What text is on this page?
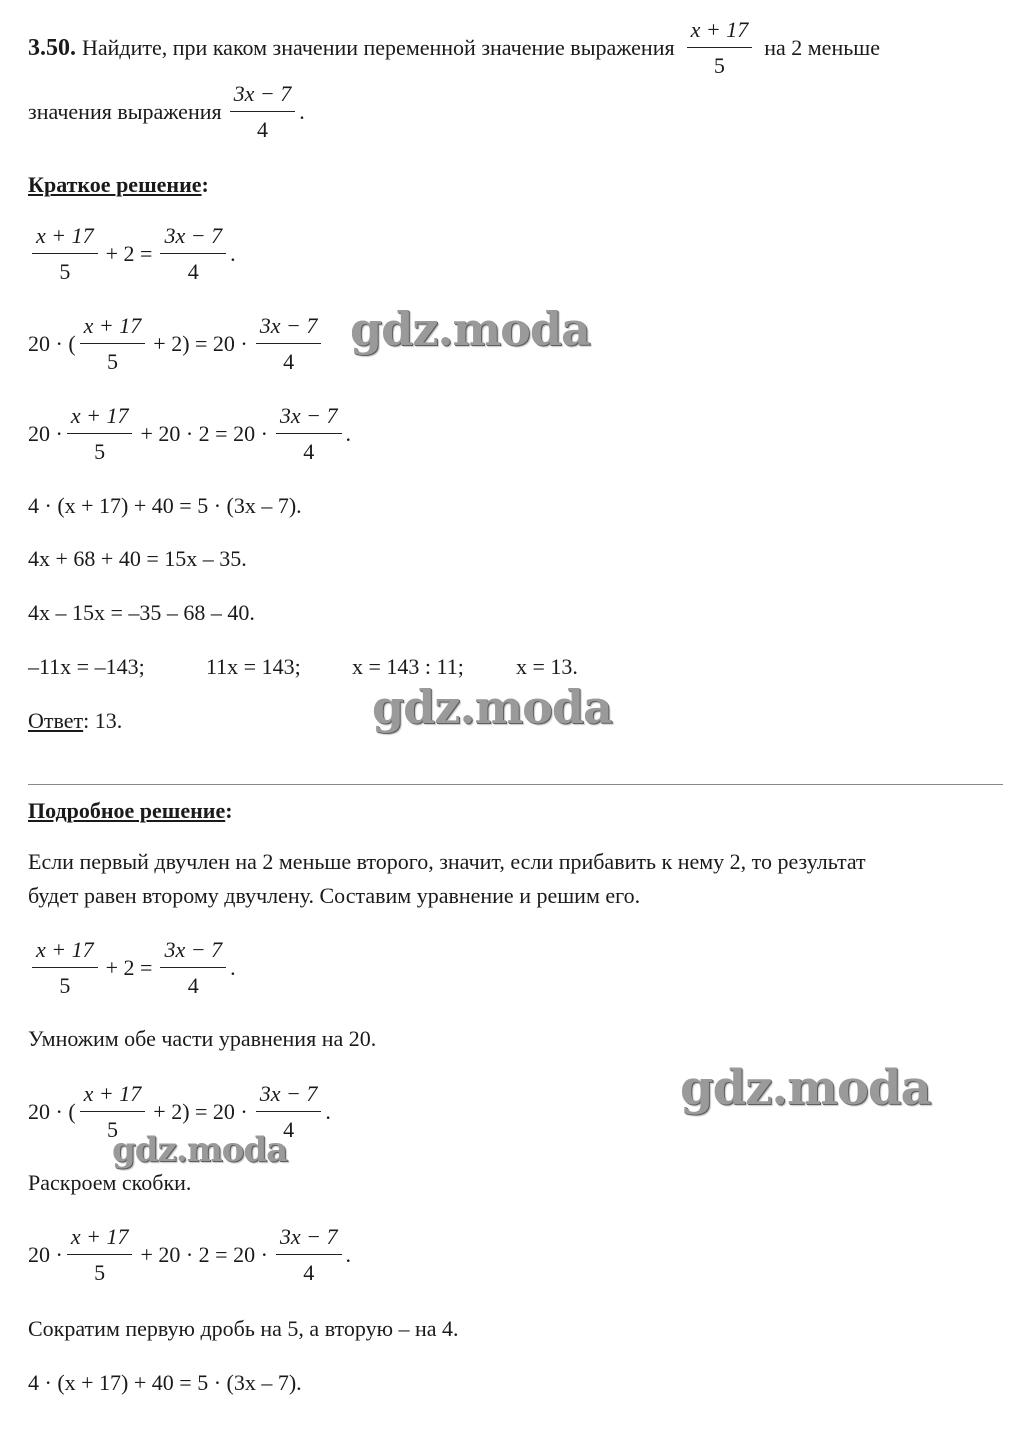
3.50. Найдите, при каком значении переменной значение выражения $\frac{x + 17}{5}$ на 2 меньше
значения выражения $\frac{3x - 7}{4}$ .
Краткое решение:
$\frac{x + 17}{5} + 2 = \frac{3x - 7}{4}$ .
20 · ( $\frac{x + 17}{5} + 2) = 20 \cdot \frac{3x - 7}{4}$
$20 \cdot \frac{x + 17}{5} + 20 \cdot 2 = 20 \cdot \frac{3x - 7}{4}$ .
4 · (x + 17) + 40 = 5 · (3x – 7).
4x + 68 + 40 = 15x – 35.
4x – 15x = –35 – 68 – 40.
–11x = –143;	11x = 143; x = 143 : 11; x = 13.
Ответ: 13.
Подробное решение:
Если первый двучлен на 2 меньше второго, значит, если прибавить к нему 2, то результат
будет равен второму двучлену. Составим уравнение и решим его.
$\frac{x + 17}{5} + 2 = \frac{3x - 7}{4}$ .
Умножим обе части уравнения на 20.
20 · ( $\frac{x + 17}{5} + 2) = 20 \cdot \frac{3x - 7}{4}$ .
Раскроем скобки.
$20 \cdot \frac{x + 17}{5} + 20 \cdot 2 = 20 \cdot \frac{3x - 7}{4}$ .
Сократим первую дробь на 5, а вторую – на 4.
4 · (x + 17) + 40 = 5 · (3x – 7).
gdz.moda
gdz.moda
gdz.moda
gdz.moda
